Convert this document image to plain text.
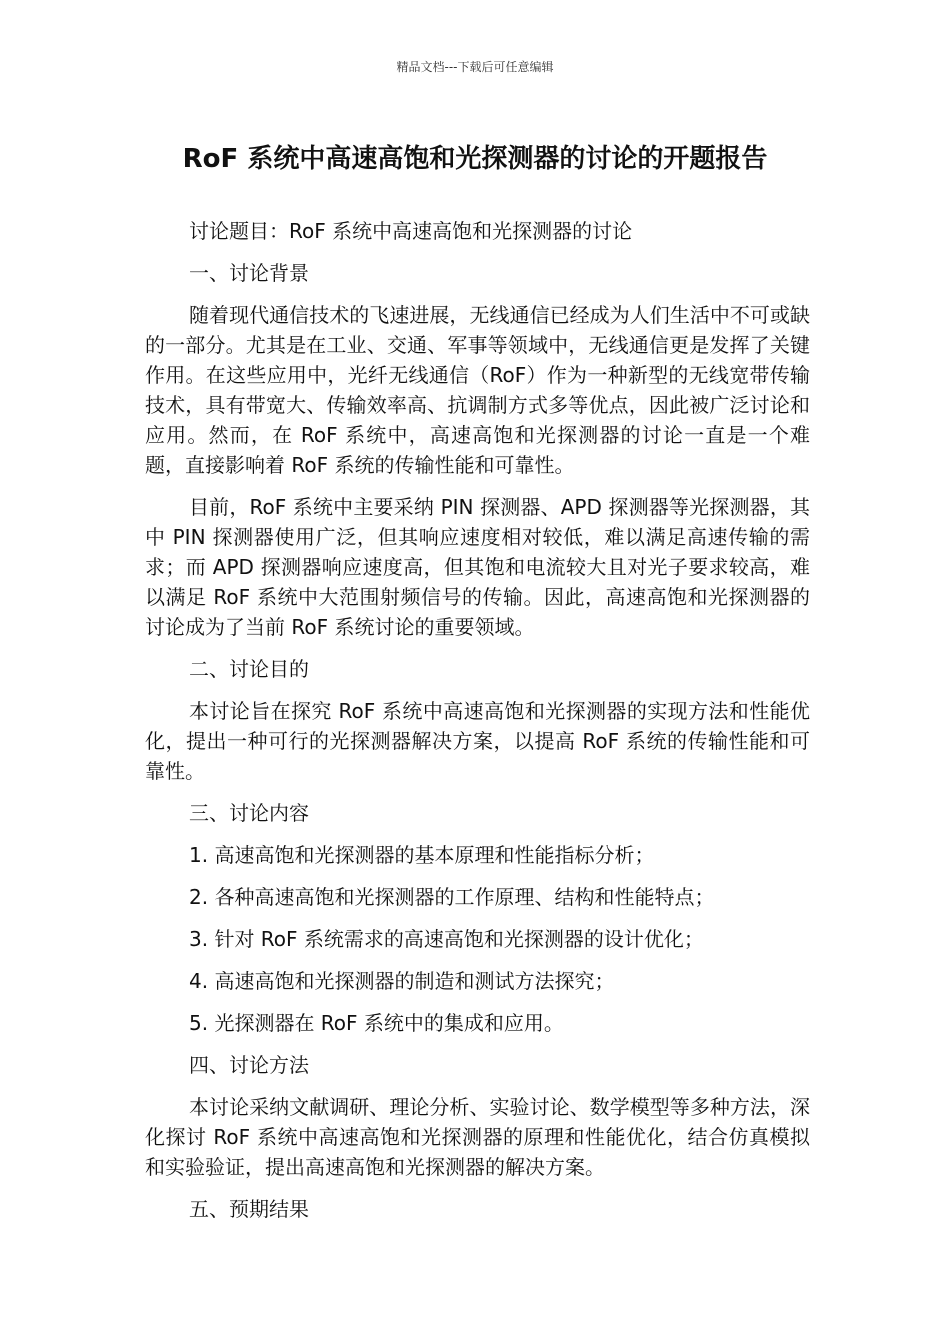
精品文档---下载后可任意编辑
RoF 系统中高速高饱和光探测器的讨论的开题报告
讨论题目：RoF 系统中高速高饱和光探测器的讨论
一、讨论背景
随着现代通信技术的飞速进展，无线通信已经成为人们生活中不可或缺的一部分。尤其是在工业、交通、军事等领域中，无线通信更是发挥了关键作用。在这些应用中，光纤无线通信（RoF）作为一种新型的无线宽带传输技术，具有带宽大、传输效率高、抗调制方式多等优点，因此被广泛讨论和应用。然而，在 RoF 系统中，高速高饱和光探测器的讨论一直是一个难题，直接影响着 RoF 系统的传输性能和可靠性。
目前，RoF 系统中主要采纳 PIN 探测器、APD 探测器等光探测器，其中 PIN 探测器使用广泛，但其响应速度相对较低，难以满足高速传输的需求；而 APD 探测器响应速度高，但其饱和电流较大且对光子要求较高，难以满足 RoF 系统中大范围射频信号的传输。因此，高速高饱和光探测器的讨论成为了当前 RoF 系统讨论的重要领域。
二、讨论目的
本讨论旨在探究 RoF 系统中高速高饱和光探测器的实现方法和性能优化，提出一种可行的光探测器解决方案，以提高 RoF 系统的传输性能和可靠性。
三、讨论内容
1. 高速高饱和光探测器的基本原理和性能指标分析；
2. 各种高速高饱和光探测器的工作原理、结构和性能特点；
3. 针对 RoF 系统需求的高速高饱和光探测器的设计优化；
4. 高速高饱和光探测器的制造和测试方法探究；
5. 光探测器在 RoF 系统中的集成和应用。
四、讨论方法
本讨论采纳文献调研、理论分析、实验讨论、数学模型等多种方法，深化探讨 RoF 系统中高速高饱和光探测器的原理和性能优化，结合仿真模拟和实验验证，提出高速高饱和光探测器的解决方案。
五、预期结果
